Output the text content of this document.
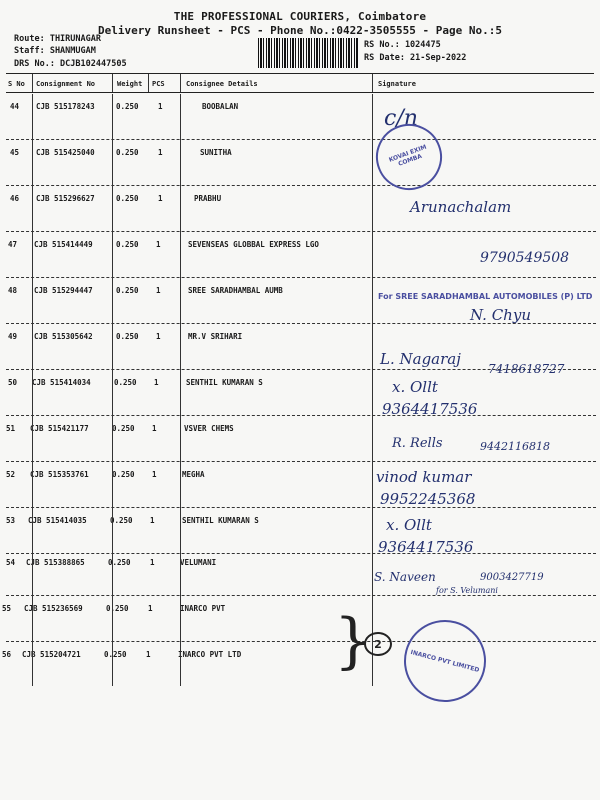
THE PROFESSIONAL COURIERS, Coimbatore
Delivery Runsheet - PCS - Phone No.:0422-3505555 - Page No.:5
Route: THIRUNAGAR
Staff: SHANMUGAM
DRS No.: DCJB102447505
RS No.: 1024475
RS Date: 21-Sep-2022
S No Consignment No	Weight PCS	Consignee Details	Signature
44 CJB 515178243	0.250	1	BOOBALAN
45 CJB 515425040	0.250	1	SUNITHA
46 CJB 515296627	0.250	1	PRABHU
47 CJB 515414449	0.250 1	SEVENSEAS GLOBBAL EXPRESS LGO
48 CJB 515294447	0.250 1	SREE SARADHAMBAL AUMB
49 CJB 515305642	0.250 1	MR.V SRIHARI
50 CJB 515414034	0.250 1	SENTHIL KUMARAN S
51 CJB 515421177	0.250 1	VSVER CHEMS
52 CJB 515353761	0.250 1	MEGHA
53 CJB 515414035	0.250 1	SENTHIL KUMARAN S
54 CJB 515388865	0.250	1	VELUMANI
55 CJB 515236569	0.250	1	INARCO PVT
56 CJB 515204721	0.250	1	INARCO PVT LTD
c/n
KOVAI EXIM COMBA
Arunachalam
9790549508
For SREE SARADHAMBAL AUTOMOBILES (P) LTD
N. Chyu
L. Nagaraj
7418618727
x. Ollt
9364417536
R. Rells	9442116818
vinod kumar
9952245368
x. Ollt
9364417536
S. Naveen
for S. Velumani
9003427719
} 2
INARCO PVT LIMITED
